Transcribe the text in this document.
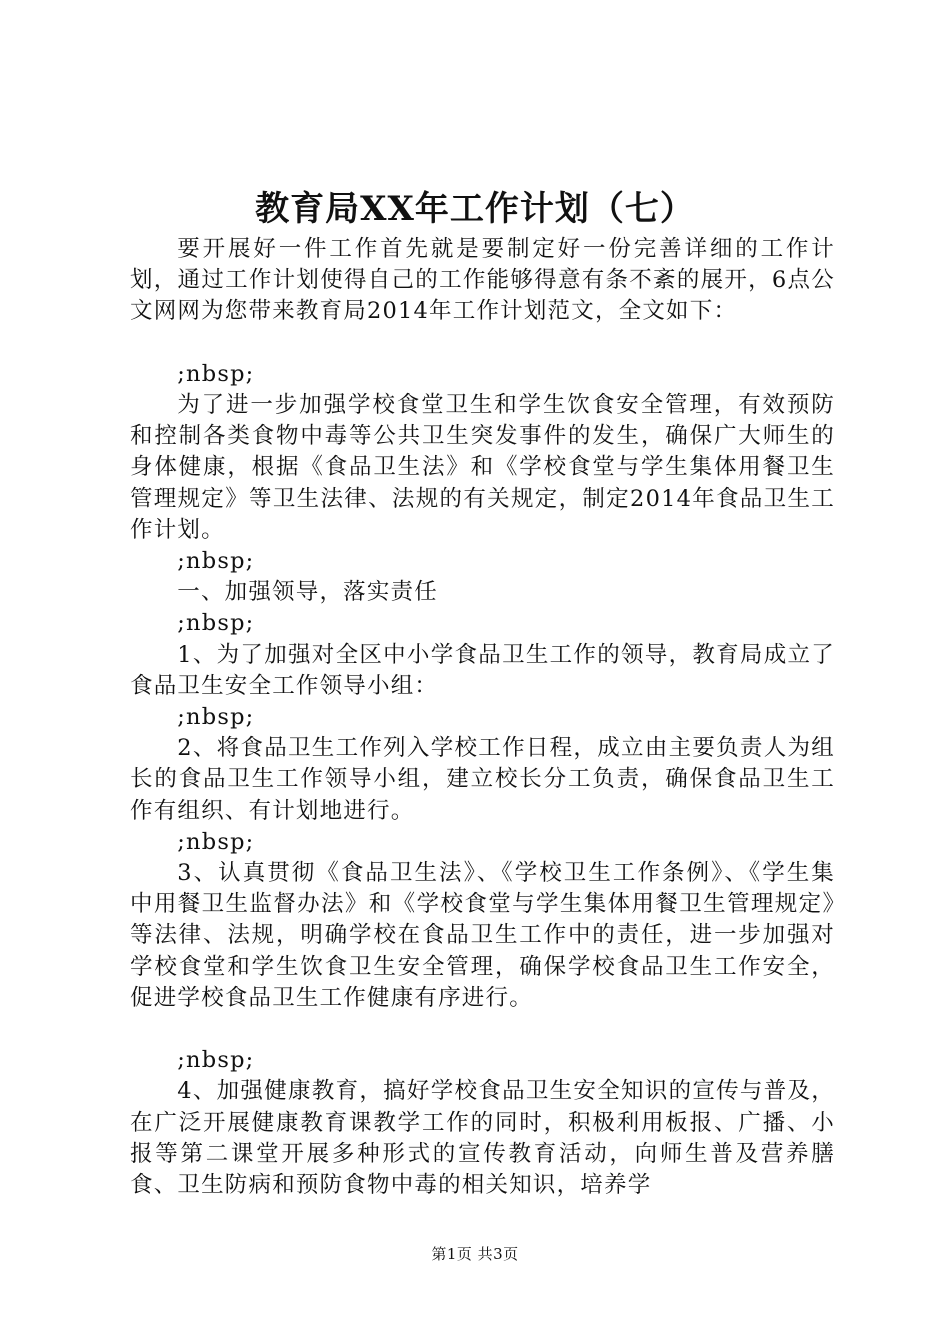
教育局XX年工作计划（七）

要开展好一件工作首先就是要制定好一份完善详细的工作计划，通过工作计划使得自己的工作能够得意有条不紊的展开，6点公文网网为您带来教育局2014年工作计划范文，全文如下：

;nbsp;

为了进一步加强学校食堂卫生和学生饮食安全管理，有效预防和控制各类食物中毒等公共卫生突发事件的发生，确保广大师生的身体健康，根据《食品卫生法》和《学校食堂与学生集体用餐卫生管理规定》等卫生法律、法规的有关规定，制定2014年食品卫生工作计划。

;nbsp;

一、加强领导，落实责任

;nbsp;

1、为了加强对全区中小学食品卫生工作的领导，教育局成立了食品卫生安全工作领导小组：

;nbsp;

2、将食品卫生工作列入学校工作日程，成立由主要负责人为组长的食品卫生工作领导小组，建立校长分工负责，确保食品卫生工作有组织、有计划地进行。

;nbsp;

3、认真贯彻《食品卫生法》、《学校卫生工作条例》、《学生集中用餐卫生监督办法》和《学校食堂与学生集体用餐卫生管理规定》等法律、法规，明确学校在食品卫生工作中的责任，进一步加强对学校食堂和学生饮食卫生安全管理，确保学校食品卫生工作安全，促进学校食品卫生工作健康有序进行。

;nbsp;

4、加强健康教育，搞好学校食品卫生安全知识的宣传与普及，在广泛开展健康教育课教学工作的同时，积极利用板报、广播、小报等第二课堂开展多种形式的宣传教育活动，向师生普及营养膳食、卫生防病和预防食物中毒的相关知识，培养学

第1页 共3页
